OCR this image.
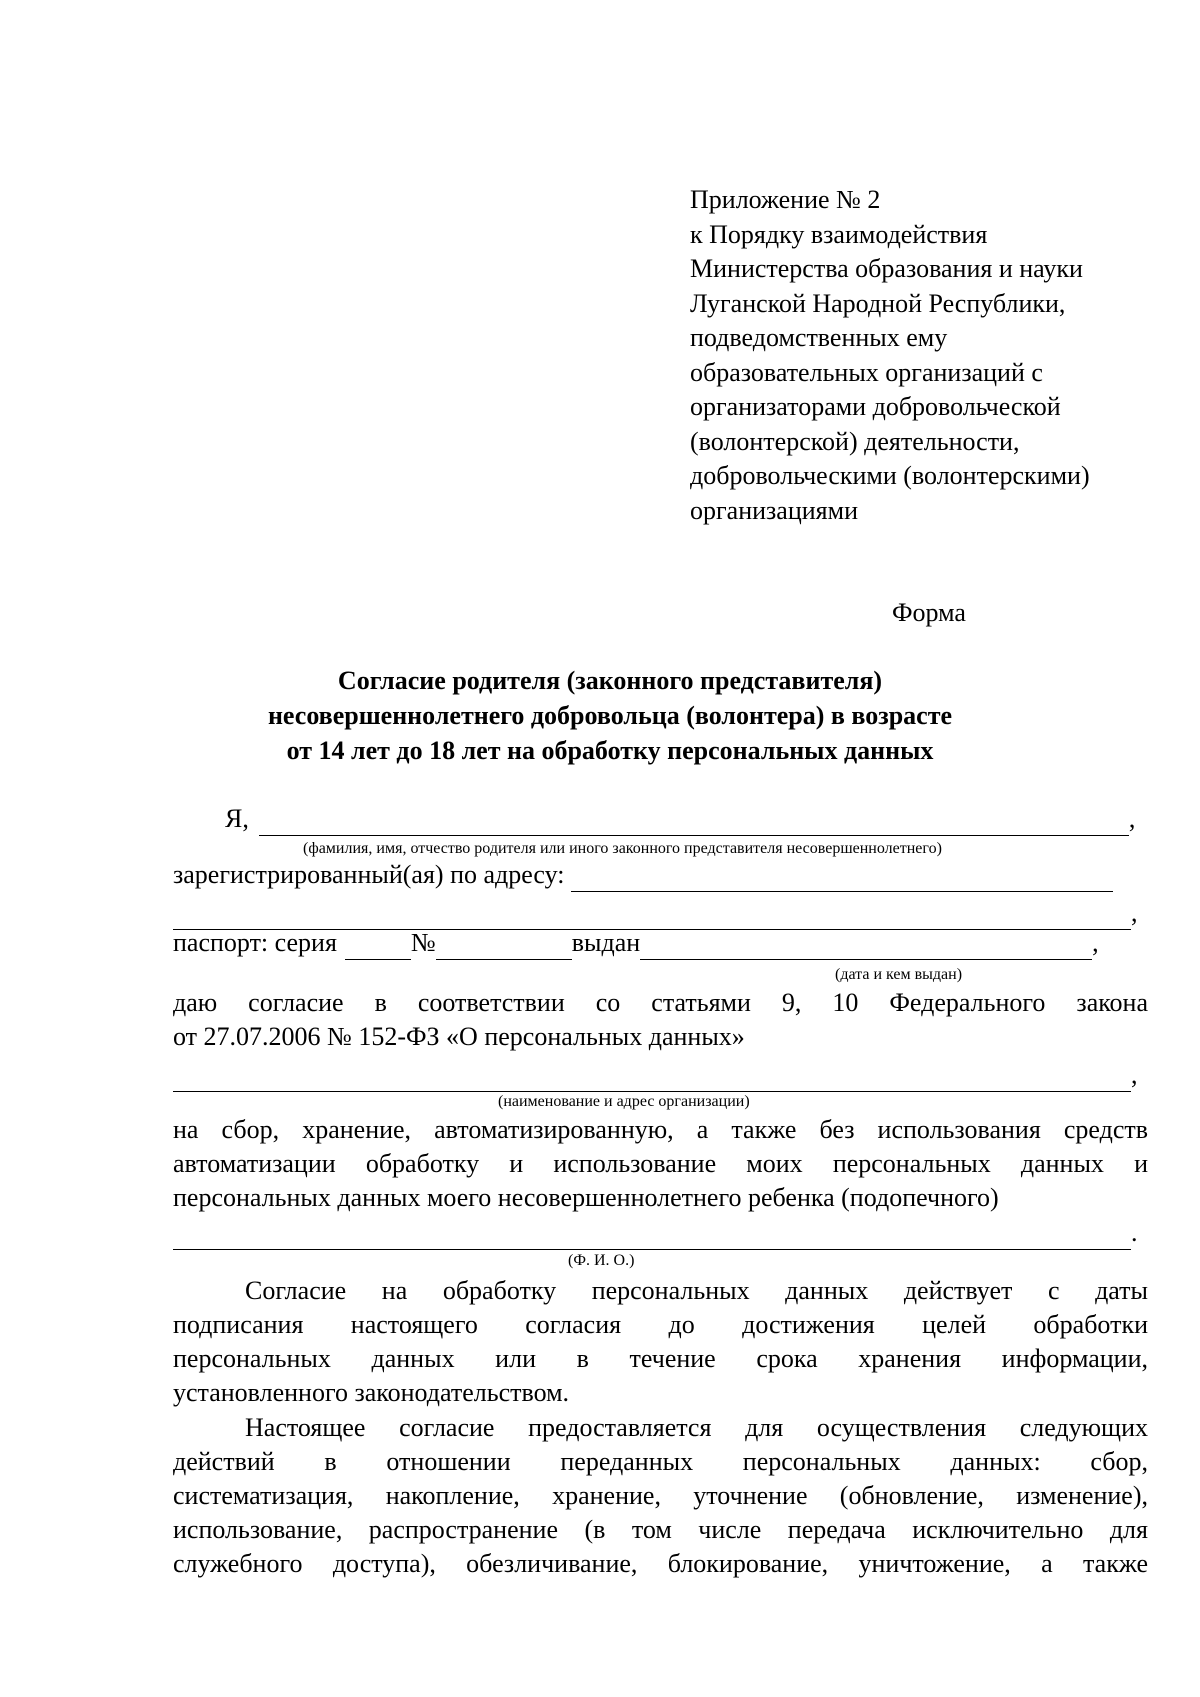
Приложение № 2
к Порядку взаимодействия
Министерства образования и науки
Луганской Народной Республики,
подведомственных ему
образовательных организаций с
организаторами добровольческой
(волонтерской) деятельности,
добровольческими (волонтерскими)
организациями
Форма
Согласие родителя (законного представителя)
несовершеннолетнего добровольца (волонтера) в возрасте
от 14 лет до 18 лет на обработку персональных данных
Я,	,
(фамилия, имя, отчество родителя или иного законного представителя несовершеннолетнего)
зарегистрированный(ая) по адресу:
,
паспорт: серия	№	выдан	,
(дата и кем выдан)
даю согласие в соответствии со статьями 9, 10 Федерального закона
от 27.07.2006 № 152-ФЗ «О персональных данных»
,
(наименование и адрес организации)
на сбор, хранение, автоматизированную, а также без использования средств
автоматизации обработку и использование моих персональных данных и
персональных данных моего несовершеннолетнего ребенка (подопечного)
.
(Ф. И. О.)
Согласие на обработку персональных данных действует с даты
подписания настоящего согласия до достижения целей обработки
персональных данных или в течение срока хранения информации,
установленного законодательством.
Настоящее согласие предоставляется для осуществления следующих
действий в отношении переданных персональных данных: сбор,
систематизация, накопление, хранение, уточнение (обновление, изменение),
использование, распространение (в том числе передача исключительно для
служебного доступа), обезличивание, блокирование, уничтожение, а также
